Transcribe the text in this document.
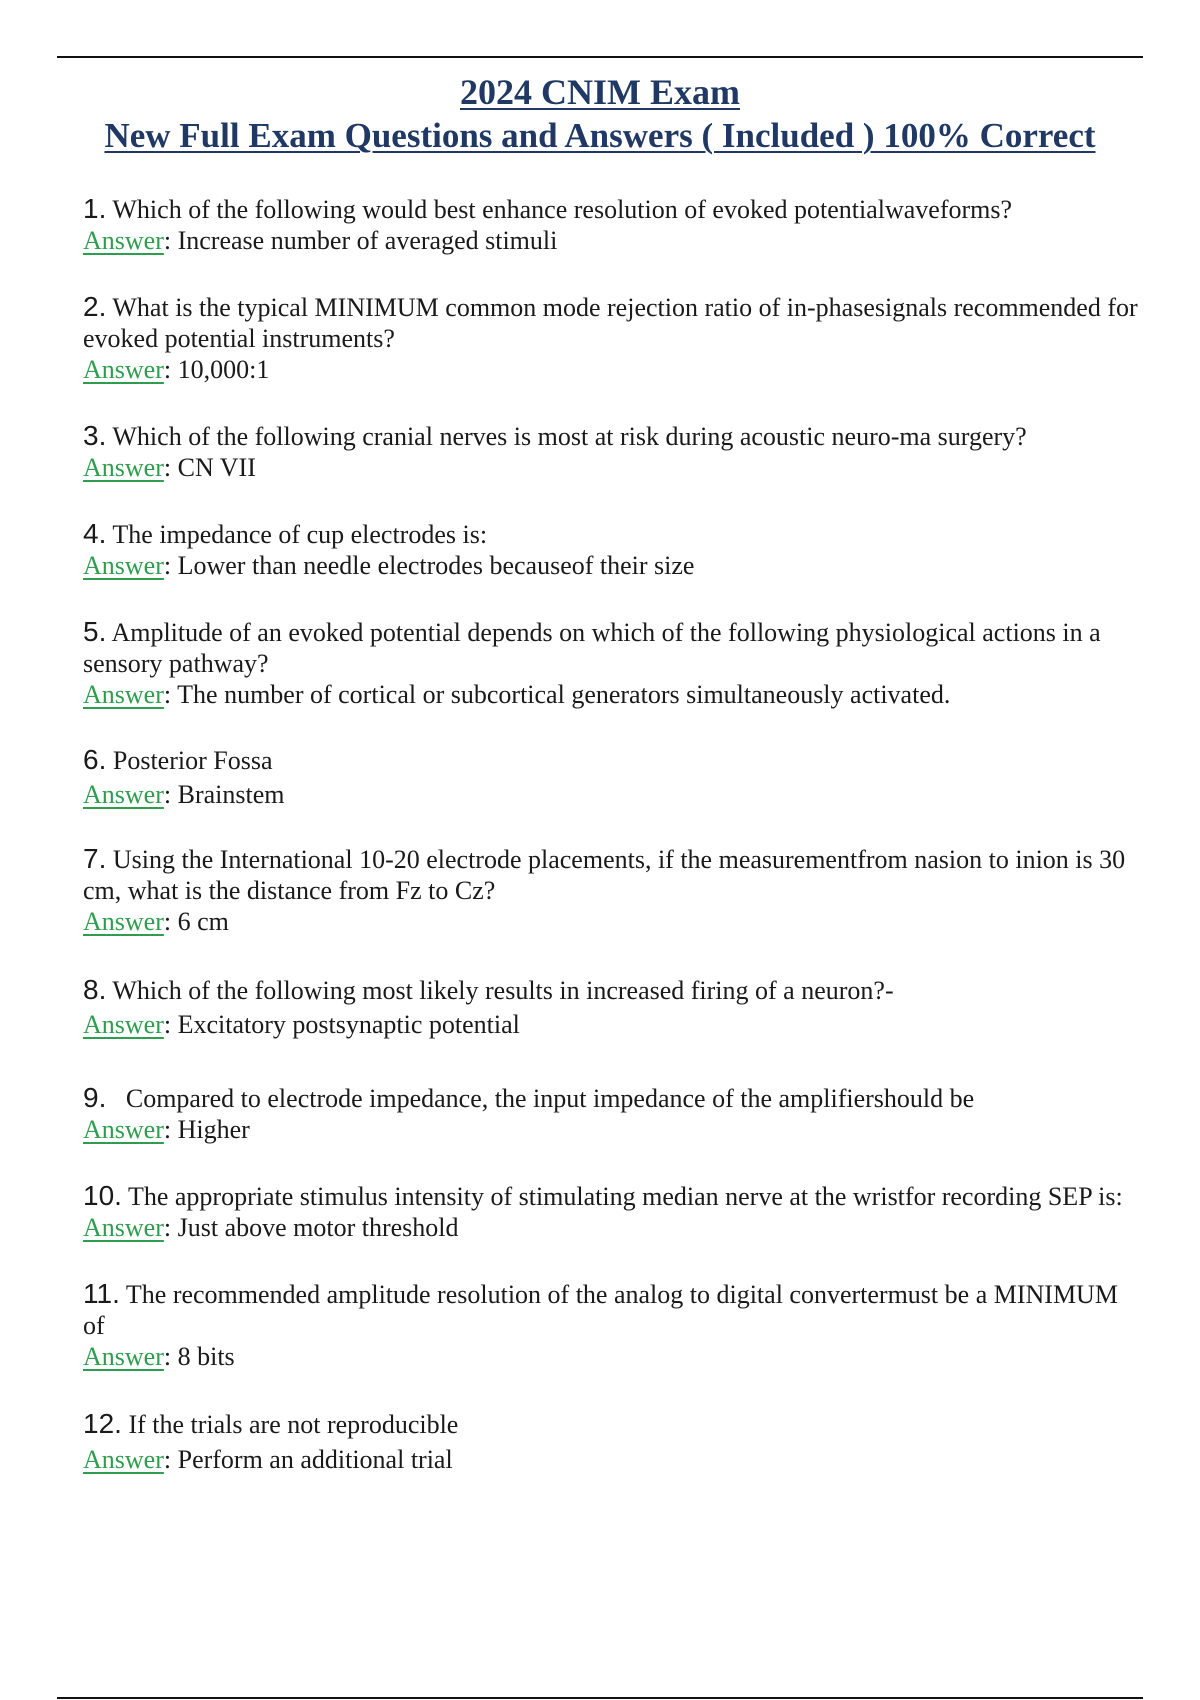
2024 CNIM Exam
New Full Exam Questions and Answers ( Included ) 100% Correct
1. Which of the following would best enhance resolution of evoked potentialwaveforms?
Answer: Increase number of averaged stimuli
2. What is the typical MINIMUM common mode rejection ratio of in-phasesignals recommended for evoked potential instruments?
Answer: 10,000:1
3. Which of the following cranial nerves is most at risk during acoustic neuro-ma surgery?
Answer: CN VII
4. The impedance of cup electrodes is:
Answer: Lower than needle electrodes becauseof their size
5. Amplitude of an evoked potential depends on which of the following physiological actions in a sensory pathway?
Answer: The number of cortical or subcortical generators simultaneously activated.
6. Posterior Fossa
Answer: Brainstem
7. Using the International 10-20 electrode placements, if the measurementfrom nasion to inion is 30 cm, what is the distance from Fz to Cz?
Answer: 6 cm
8. Which of the following most likely results in increased firing of a neuron?-
Answer: Excitatory postsynaptic potential
9. Compared to electrode impedance, the input impedance of the amplifiershould be
Answer: Higher
10. The appropriate stimulus intensity of stimulating median nerve at the wristfor recording SEP is:
Answer: Just above motor threshold
11. The recommended amplitude resolution of the analog to digital convertermust be a MINIMUM of
Answer: 8 bits
12. If the trials are not reproducible
Answer: Perform an additional trial
